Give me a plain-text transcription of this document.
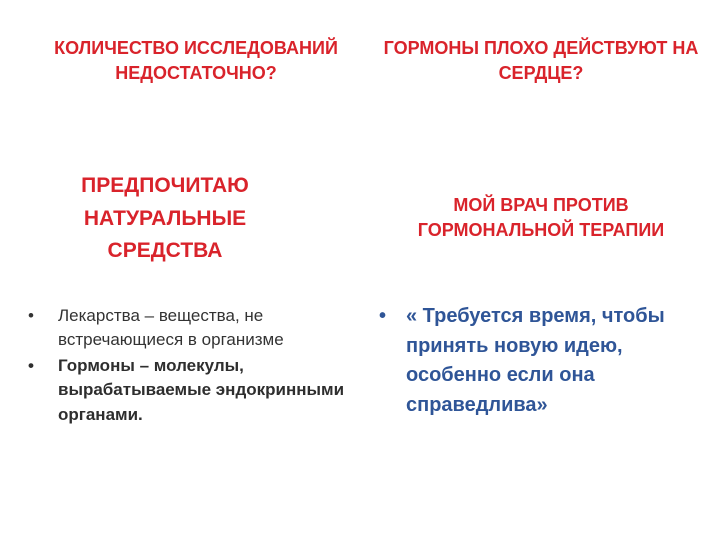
КОЛИЧЕСТВО ИССЛЕДОВАНИЙ НЕДОСТАТОЧНО?
ГОРМОНЫ ПЛОХО ДЕЙСТВУЮТ НА СЕРДЦЕ?
ПРЕДПОЧИТАЮ НАТУРАЛЬНЫЕ СРЕДСТВА
МОЙ ВРАЧ ПРОТИВ ГОРМОНАЛЬНОЙ ТЕРАПИИ
• Лекарства – вещества, не встречающиеся в организме
• Гормоны – молекулы, вырабатываемые эндокринными органами.
• « Требуется время, чтобы принять новую идею, особенно если она справедлива»
